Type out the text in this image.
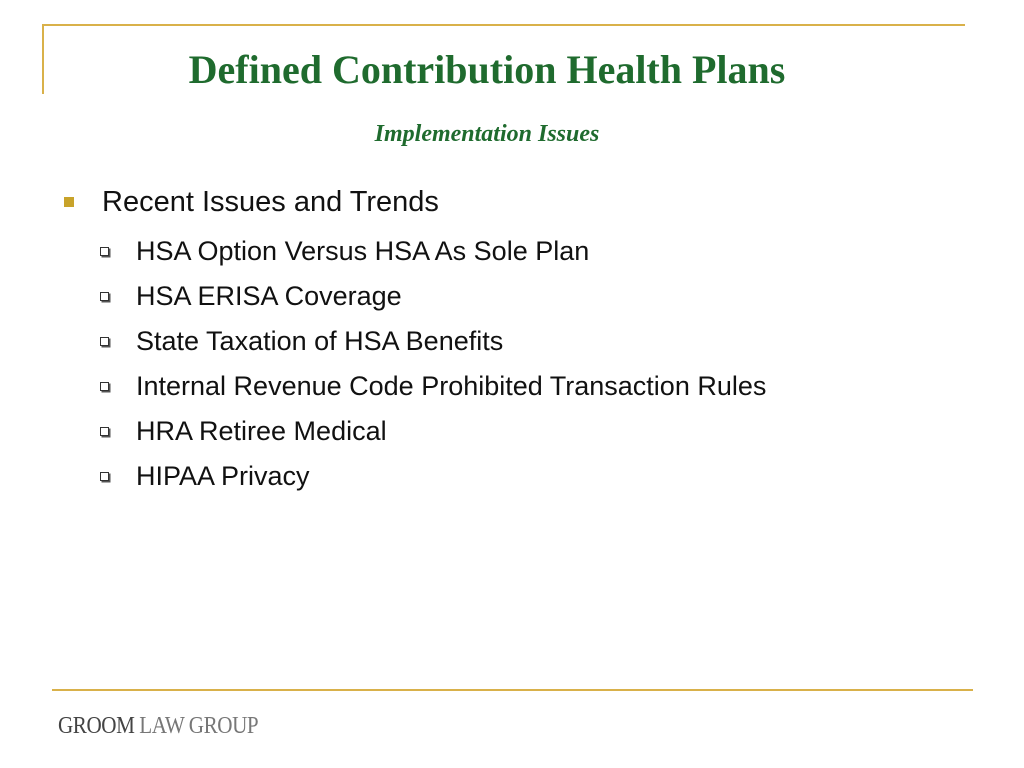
Defined Contribution Health Plans
Implementation Issues
Recent Issues and Trends
HSA Option Versus HSA As Sole Plan
HSA ERISA Coverage
State Taxation of HSA Benefits
Internal Revenue Code Prohibited Transaction Rules
HRA Retiree Medical
HIPAA Privacy
GROOM LAW GROUP
